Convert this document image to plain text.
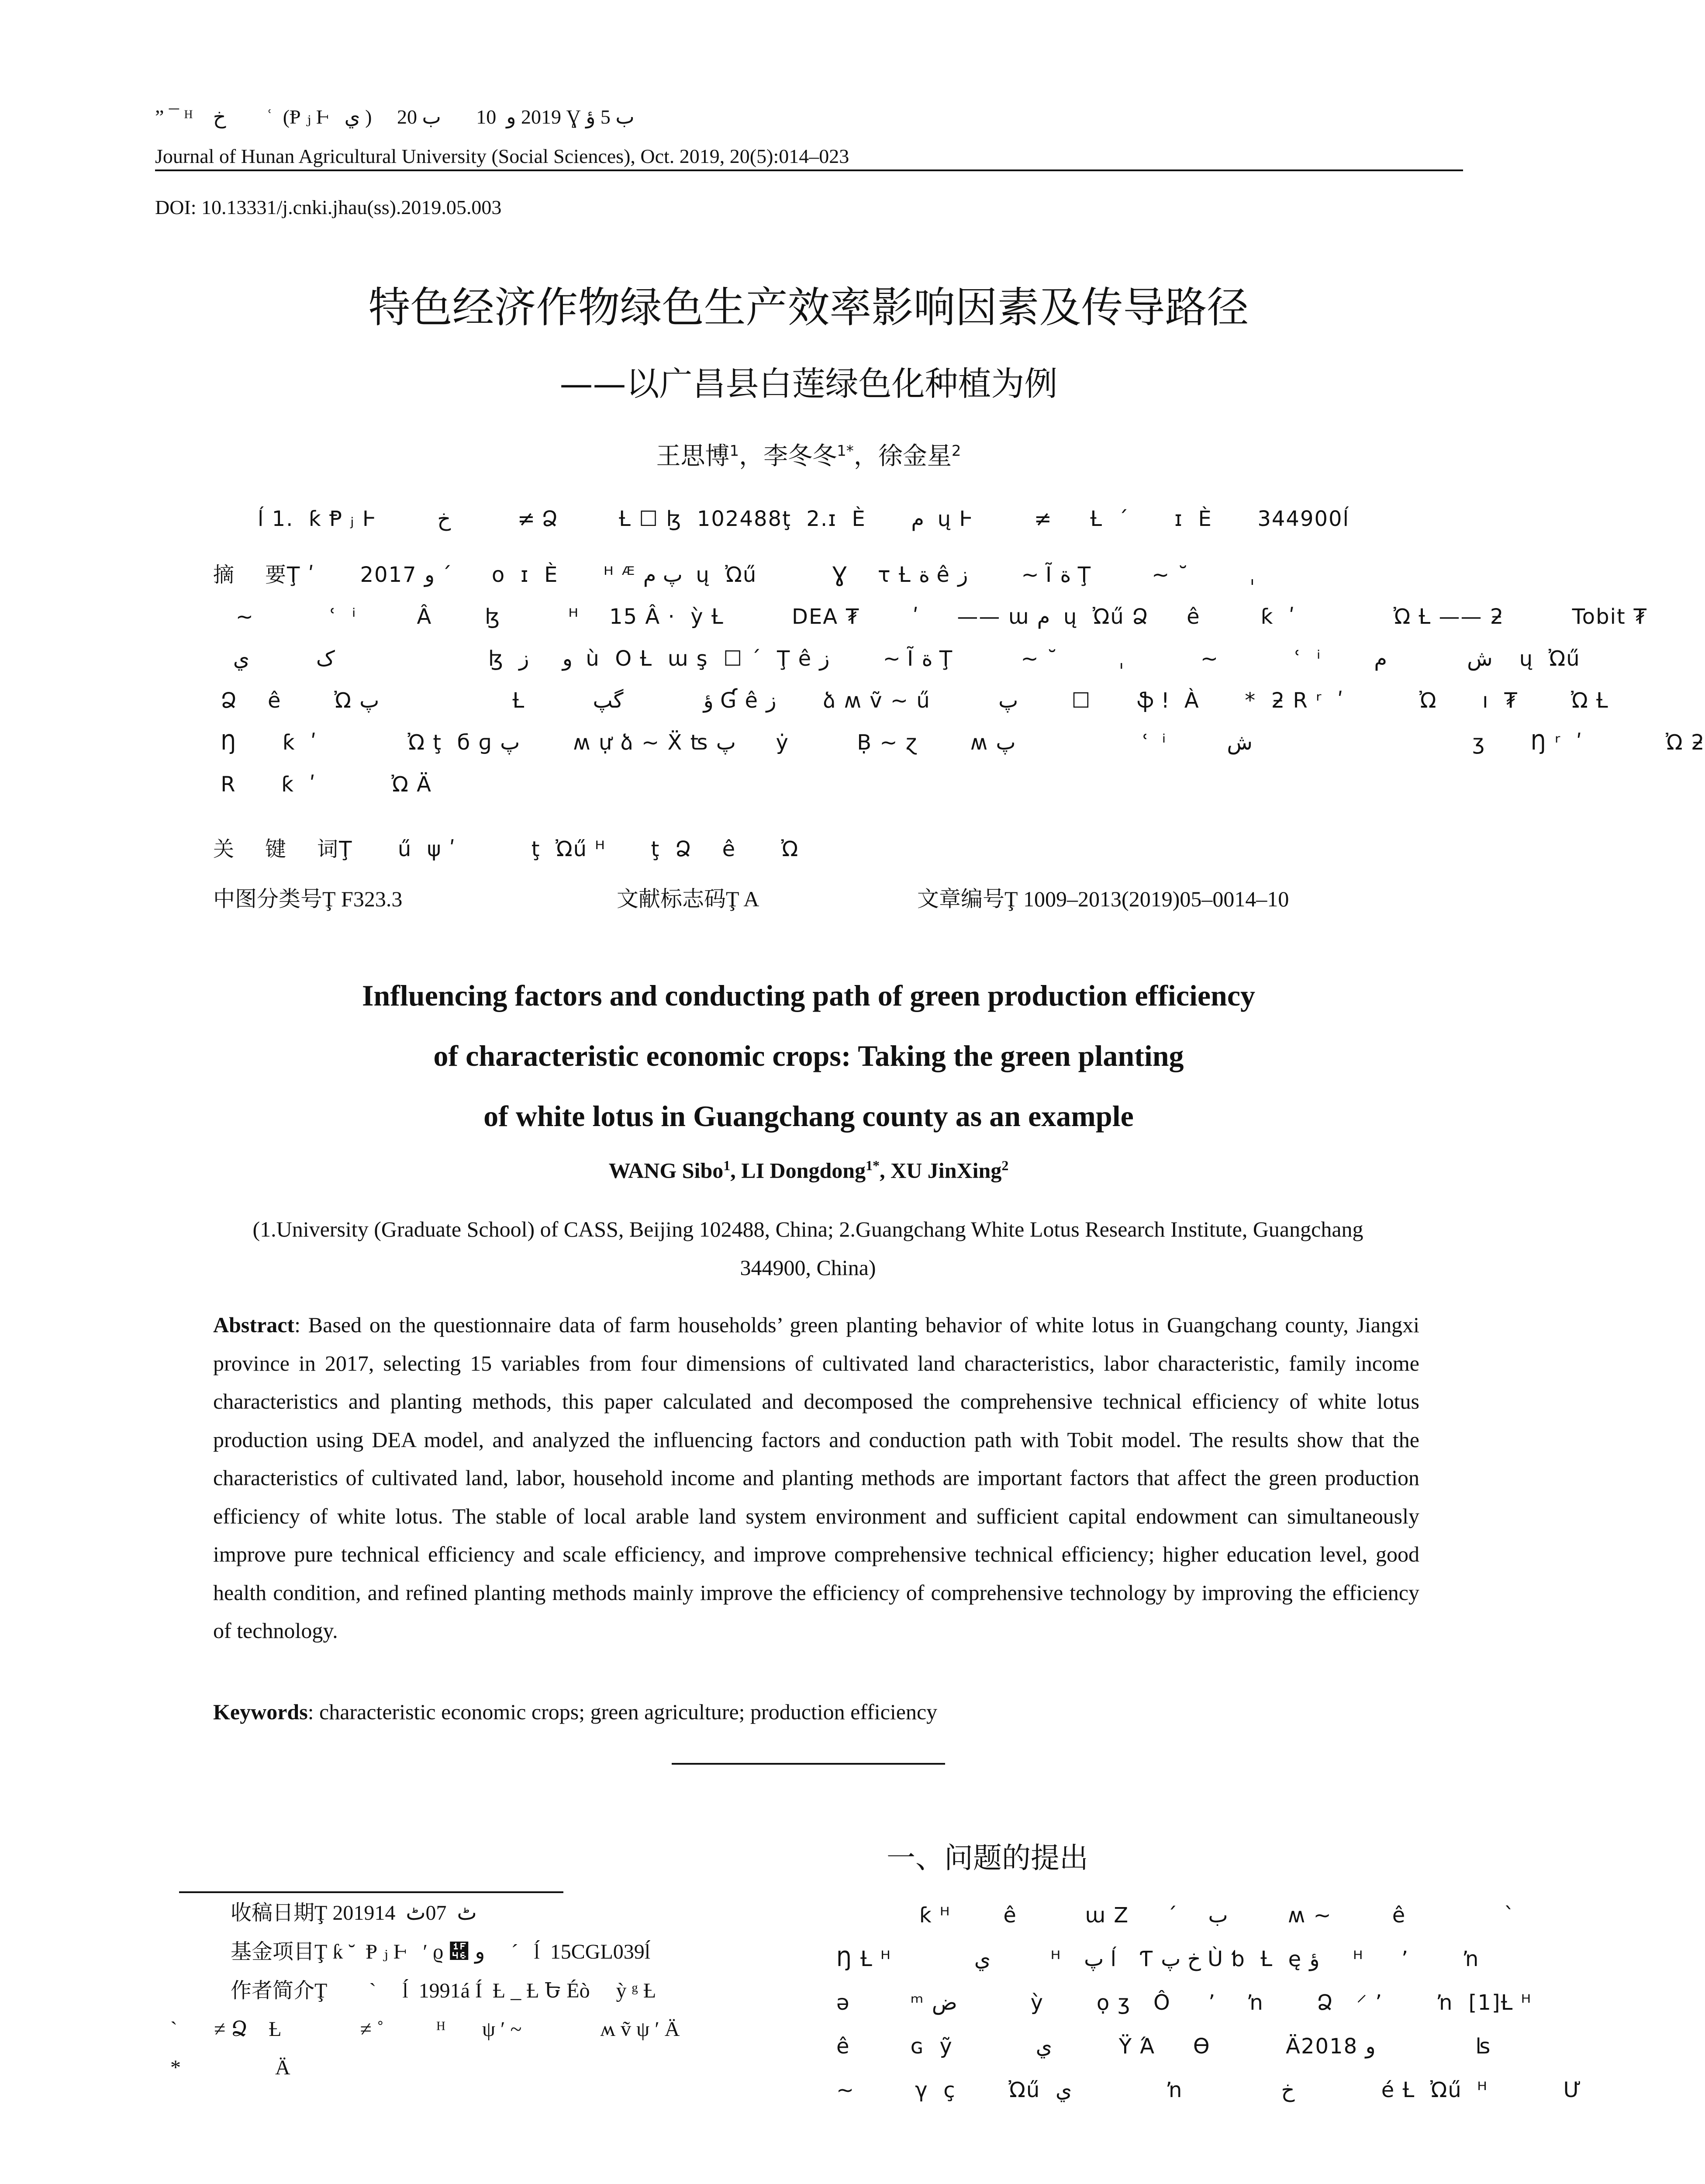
” ¯ ᴴ    خ        ʿ  (Ᵽ ⱼ Ⱶ   ي )     2019 و  10       ب 20 Ɣ ب 5 ؤ
Journal of Hunan Agricultural University (Social Sciences), Oct. 2019, 20(5):014–023
DOI: 10.13331/j.cnki.jhau(ss).2019.05.003
特色经济作物绿色生产效率影响因素及传导路径
——以广昌县白莲绿色化种植为例
王思博$^1$，李冬冬$^{1*}$，徐金星$^2$
ĺ 1.  ƙ Ᵽ ⱼ Ⱶ        خ          ≠ Ձ        Ƚ ☐ ɮ  102488ţ  2.ɪ  È      م  ų Ⱶ        ≠     Ƚ  ´      ɪ  È      344900ĺ
摘    要Ţ ʹ      2017 و ´      ο  ɪ  È      ᴴ ᴭ پ م  ų  Ὠű          Ɣ    τ Ƚ ة ê ز        ~ Ĩ ة Ţ        ~ ˘        ˌ
~          ʿ  ⁱ        Â       ɮ         ᴴ    15 Â ·  ỳ Ƚ         DEA ₮       ʹ     —— ɯ م  ų  Ὠű Ձ     ê        ƙ  ʹ             Ὠ Ƚ —— ƻ         Tobit ₮
ک          ي                       ɮ  و     ز  ù  O Ƚ  ɯ ş  ☐ ´  Ţ ê ز        ~ Ĩ ة Ţ         ~ ˘        ˌ          ~          ʿ  ⁱ       ش            م    ų  Ὠű
Ձ    ê       Ὠ پ                    Ƚ         ؤ            گپ Ɠ ê ز       ձ ʍ ṽ ~ ű         پ        ☐       ֆ ǃ  À      *  ƻ R ʳ  ʹ          Ὠ      ı  ₮       Ὠ Ƚ
Ŋ      ƙ  ʹ            Ὠ ţ  б ɡ پ        ʍ ự ձ ~ Ẍ ʦ پ      ẏ         Ḅ ~ ɀ       ʍ پ                   ʿ  ⁱ        ش                                 ʒ      Ŋ ʳ  ʹ           Ὠ ƻ
R      ƙ  ʹ          Ὠ Ä
关    键    词Ţ      ű  ψ ʹ          ţ  Ὠű ᴴ      ţ  Ձ    ê      Ὠ
中图分类号Ţ F323.3	文献标志码Ţ A	文章编号Ţ 1009–2013(2019)05–0014–10
Influencing factors and conducting path of green production efficiency
of characteristic economic crops: Taking the green planting
of white lotus in Guangchang county as an example
WANG Sibo$^1$, LI Dongdong$^{1*}$, XU JinXing$^2$
(1.University (Graduate School) of CASS, Beijing 102488, China; 2.Guangchang White Lotus Research Institute, Guangchang 344900, China)
Abstract: Based on the questionnaire data of farm households’ green planting behavior of white lotus in Guangchang county, Jiangxi province in 2017, selecting 15 variables from four dimensions of cultivated land characteristics, labor characteristic, family income characteristics and planting methods, this paper calculated and decomposed the comprehensive technical efficiency of white lotus production using DEA model, and analyzed the influencing factors and conduction path with Tobit model. The results show that the characteristics of cultivated land, labor, household income and planting methods are important factors that affect the green production efficiency of white lotus. The stable of local arable land system environment and sufficient capital endowment can simultaneously improve pure technical efficiency and scale efficiency, and improve comprehensive technical efficiency; higher education level, good health condition, and refined planting methods mainly improve the efficiency of comprehensive technology by improving the efficiency of technology.
Keywords: characteristic economic crops; green agriculture; production efficiency
收稿日期Ţ 2019ٹ  07ٹ  14
基金项目Ţ ƙ ˘  Ᵽ ⱼ Ⱶ   ʹ ϱ ὆ و     ´   ĺ  15CGL039ĺ
作者简介Ţ        ˋ     ĺ  1991á Í  Ƚ _ Ƚ Ե Éò     ỳ ᵍ Ƚ
ˋ       ≠ Ձ    Ƚ               ≠ ˚          ᴴ       ψ ʹ ~               ʍ ṽ ψ ʹ Ä
*                  Ä
一、问题的提出
ƙ ᴴ       ê         ɯ Z     ´    ب         ʍ ~        ê             ˋ
Ŋ Ƚ ᴴ           ي         ᴴ   پ ĺ   Ƭ خ پ Ù ƅ  Ƚ  ę ؤ     ᴴ     ʼ       ŉ
ə        ᵐ ض           ỳ       ọ ʒ   Ô     ʼ    ŉ       Ձ   ⸍ ʼ       ŉ  [1]Ƚ ᴴ
ê        ɢ  ỹ           ي          Ÿ Ά     Ө          Ä2018 و               ʪ
~        γ  ç       Ὠű  ي              ŉ             خ             é Ƚ  Ὠű  ᴴ          Ư
